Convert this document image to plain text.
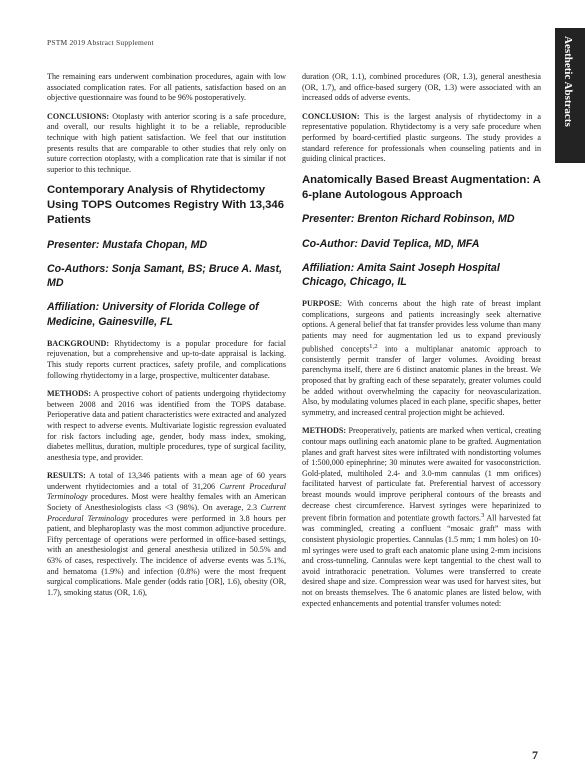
PSTM 2019 Abstract Supplement	Aesthetic Abstracts

The remaining ears underwent combination procedures, again with low associated complication rates. For all patients, satisfaction based on an objective questionnaire was found to be 96% postoperatively.

CONCLUSIONS: Otoplasty with anterior scoring is a safe procedure, and overall, our results highlight it to be a reliable, reproducible technique with high patient satisfaction. We feel that our institution presents results that are comparable to other studies that rely only on suture correction otoplasty, with a complication rate that is similar if not superior to this technique.

Contemporary Analysis of Rhytidectomy Using TOPS Outcomes Registry With 13,346 Patients
Presenter: Mustafa Chopan, MD
Co-Authors: Sonja Samant, BS; Bruce A. Mast, MD
Affiliation: University of Florida College of Medicine, Gainesville, FL

BACKGROUND: Rhytidectomy is a popular procedure for facial rejuvenation, but a comprehensive and up-to-date appraisal is lacking. This study reports current practices, safety profile, and complications following rhytidectomy in a large, prospective, multicenter database.

METHODS: A prospective cohort of patients undergoing rhytidectomy between 2008 and 2016 was identified from the TOPS database. Perioperative data and patient characteristics were extracted and analyzed with respect to adverse events. Multivariate logistic regression evaluated for risk factors including age, gender, body mass index, smoking, diabetes mellitus, duration, multiple procedures, type of surgical facility, anesthesia type, and provider.

RESULTS: A total of 13,346 patients with a mean age of 60 years underwent rhytidectomies and a total of 31,206 Current Procedural Terminology procedures. Most were healthy females with an American Society of Anesthesiologists class <3 (98%). On average, 2.3 Current Procedural Terminology procedures were performed in 3.8 hours per patient, and blepharoplasty was the most common adjunctive procedure. Fifty percentage of operations were performed in office-based settings, with an anesthesiologist and general anesthesia utilized in 50.5% and 63% of cases, respectively. The incidence of adverse events was 5.1%, and hematoma (1.9%) and infection (0.8%) were the most frequent surgical complications. Male gender (odds ratio [OR], 1.6), obesity (OR, 1.7), smoking status (OR, 1.6),

duration (OR, 1.1), combined procedures (OR, 1.3), general anesthesia (OR, 1.7), and office-based surgery (OR, 1.3) were associated with an increased odds of adverse events.

CONCLUSION: This is the largest analysis of rhytidectomy in a representative population. Rhytidectomy is a very safe procedure when performed by board-certified plastic surgeons. The study provides a standard reference for professionals when counseling patients and in guiding clinical practices.

Anatomically Based Breast Augmentation: A 6-plane Autologous Approach
Presenter: Brenton Richard Robinson, MD
Co-Author: David Teplica, MD, MFA
Affiliation: Amita Saint Joseph Hospital Chicago, Chicago, IL

PURPOSE: With concerns about the high rate of breast implant complications, surgeons and patients increasingly seek alternative options. A general belief that fat transfer provides less volume than many patients may need for augmentation led us to expand previously published concepts$^{1,2}$ into a multiplanar anatomic approach to consistently permit transfer of larger volumes. Avoiding breast parenchyma itself, there are 6 distinct anatomic planes in the breast. We proposed that by grafting each of these separately, greater volumes could be added without overwhelming the capacity for neovascularization. Also, by modulating volumes placed in each plane, specific shapes, better symmetry, and increased central projection might be achieved.

METHODS: Preoperatively, patients are marked when vertical, creating contour maps outlining each anatomic plane to be grafted. Augmentation planes and graft harvest sites were infiltrated with nondistorting volumes of 1:500,000 epinephrine; 30 minutes were awaited for vasoconstriction. Gold-plated, multiholed 2.4- and 3.0-mm cannulas (1 mm orifices) facilitated harvest of particulate fat. Preferential harvest of accessory breast mounds would improve peripheral contours of the breasts and decrease chest circumference. Harvest syringes were heparinized to prevent fibrin formation and potentiate growth factors.$^3$ All harvested fat was commingled, creating a confluent “mosaic graft” mass with consistent physiologic properties. Cannulas (1.5 mm; 1 mm holes) on 10-ml syringes were used to graft each anatomic plane using 2-mm incisions and cross-tunneling. Cannulas were kept tangential to the chest wall to avoid intrathoracic penetration. Volumes were transferred to create desired shape and size. Compression wear was used for harvest sites, but not on breasts themselves. The 6 anatomic planes are listed below, with expected enhancements and potential transfer volumes noted:

7
